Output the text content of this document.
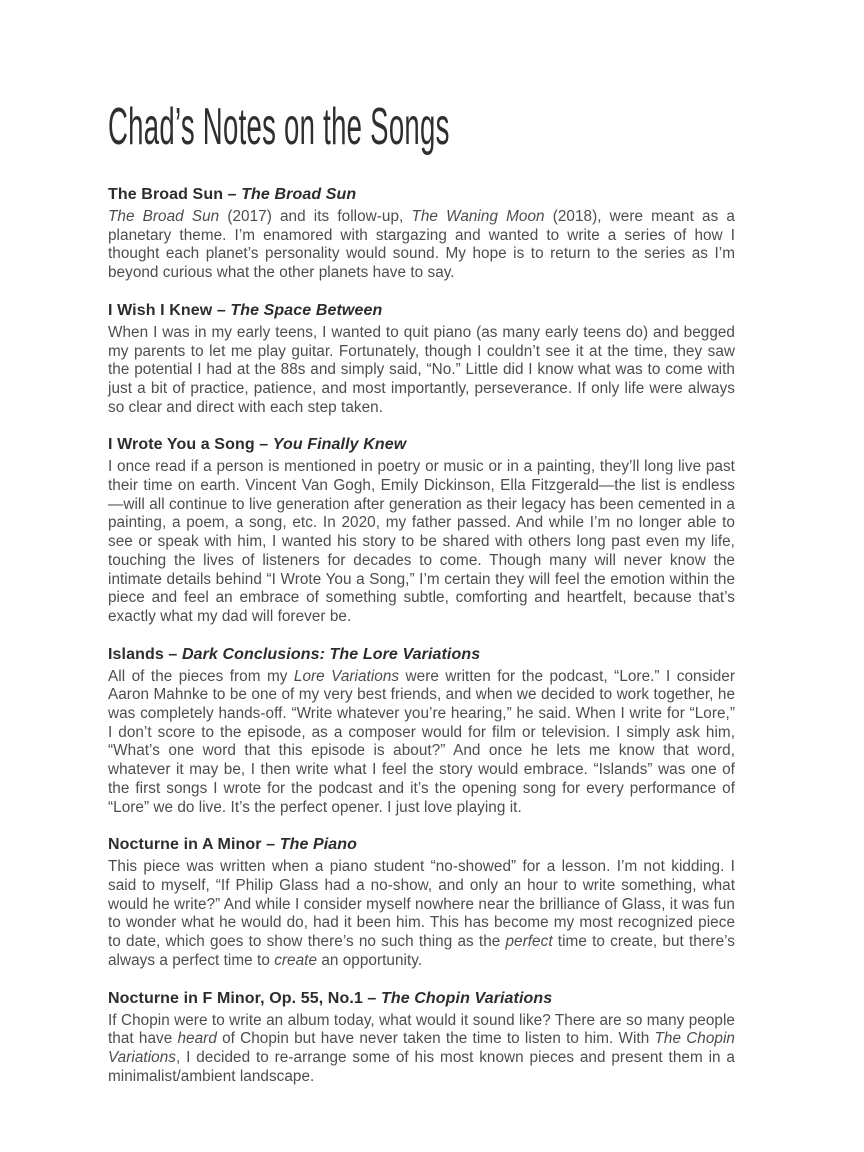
Chad’s Notes on the Songs
The Broad Sun – The Broad Sun

The Broad Sun (2017) and its follow-up, The Waning Moon (2018), were meant as a planetary theme. I’m enamored with stargazing and wanted to write a series of how I thought each planet’s personality would sound. My hope is to return to the series as I’m beyond curious what the other planets have to say.

I Wish I Knew – The Space Between

When I was in my early teens, I wanted to quit piano (as many early teens do) and begged my parents to let me play guitar. Fortunately, though I couldn’t see it at the time, they saw the potential I had at the 88s and simply said, “No.” Little did I know what was to come with just a bit of practice, patience, and most importantly, perseverance. If only life were always so clear and direct with each step taken.

I Wrote You a Song – You Finally Knew

I once read if a person is mentioned in poetry or music or in a painting, they’ll long live past their time on earth. Vincent Van Gogh, Emily Dickinson, Ella Fitzgerald—the list is endless—will all continue to live generation after generation as their legacy has been cemented in a painting, a poem, a song, etc. In 2020, my father passed. And while I’m no longer able to see or speak with him, I wanted his story to be shared with others long past even my life, touching the lives of listeners for decades to come. Though many will never know the intimate details behind “I Wrote You a Song,” I’m certain they will feel the emotion within the piece and feel an embrace of something subtle, comforting and heartfelt, because that’s exactly what my dad will forever be.

Islands – Dark Conclusions: The Lore Variations

All of the pieces from my Lore Variations were written for the podcast, “Lore.” I consider Aaron Mahnke to be one of my very best friends, and when we decided to work together, he was completely hands-off. “Write whatever you’re hearing,” he said. When I write for “Lore,” I don’t score to the episode, as a composer would for film or television. I simply ask him, “What’s one word that this episode is about?” And once he lets me know that word, whatever it may be, I then write what I feel the story would embrace. “Islands” was one of the first songs I wrote for the podcast and it’s the opening song for every performance of “Lore” we do live. It’s the perfect opener. I just love playing it.

Nocturne in A Minor – The Piano

This piece was written when a piano student “no-showed” for a lesson. I’m not kidding. I said to myself, “If Philip Glass had a no-show, and only an hour to write something, what would he write?” And while I consider myself nowhere near the brilliance of Glass, it was fun to wonder what he would do, had it been him. This has become my most recognized piece to date, which goes to show there’s no such thing as the perfect time to create, but there’s always a perfect time to create an opportunity.

Nocturne in F Minor, Op. 55, No.1 – The Chopin Variations

If Chopin were to write an album today, what would it sound like? There are so many people that have heard of Chopin but have never taken the time to listen to him. With The Chopin Variations, I decided to re-arrange some of his most known pieces and present them in a minimalist/ambient landscape.
